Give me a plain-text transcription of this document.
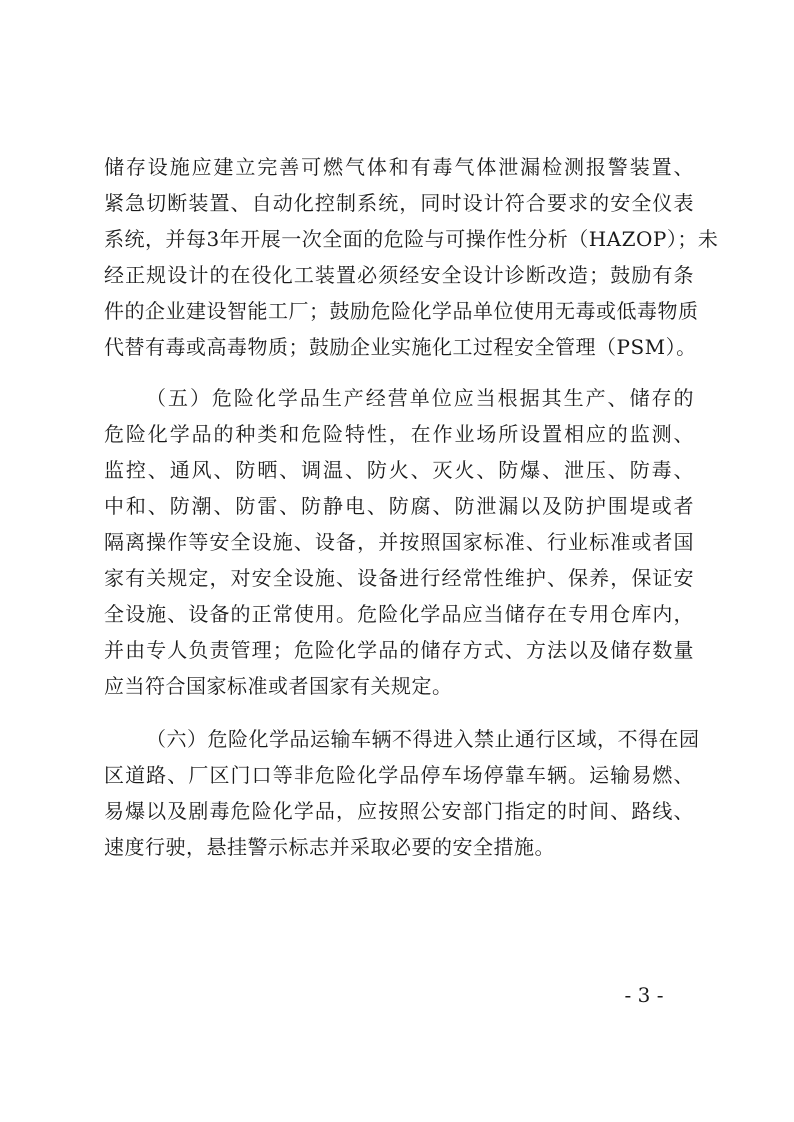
储存设施应建立完善可燃气体和有毒气体泄漏检测报警装置、
紧急切断装置、自动化控制系统，同时设计符合要求的安全仪表
系统，并每3年开展一次全面的危险与可操作性分析（HAZOP）；未
经正规设计的在役化工装置必须经安全设计诊断改造；鼓励有条
件的企业建设智能工厂；鼓励危险化学品单位使用无毒或低毒物质
代替有毒或高毒物质；鼓励企业实施化工过程安全管理（PSM）。
（五）危险化学品生产经营单位应当根据其生产、储存的
危险化学品的种类和危险特性，在作业场所设置相应的监测、
监控、通风、防晒、调温、防火、灭火、防爆、泄压、防毒、
中和、防潮、防雷、防静电、防腐、防泄漏以及防护围堤或者
隔离操作等安全设施、设备，并按照国家标准、行业标准或者国
家有关规定，对安全设施、设备进行经常性维护、保养，保证安
全设施、设备的正常使用。危险化学品应当储存在专用仓库内，
并由专人负责管理；危险化学品的储存方式、方法以及储存数量
应当符合国家标准或者国家有关规定。
（六）危险化学品运输车辆不得进入禁止通行区域，不得在园
区道路、厂区门口等非危险化学品停车场停靠车辆。运输易燃、
易爆以及剧毒危险化学品，应按照公安部门指定的时间、路线、
速度行驶，悬挂警示标志并采取必要的安全措施。
- 3 -
